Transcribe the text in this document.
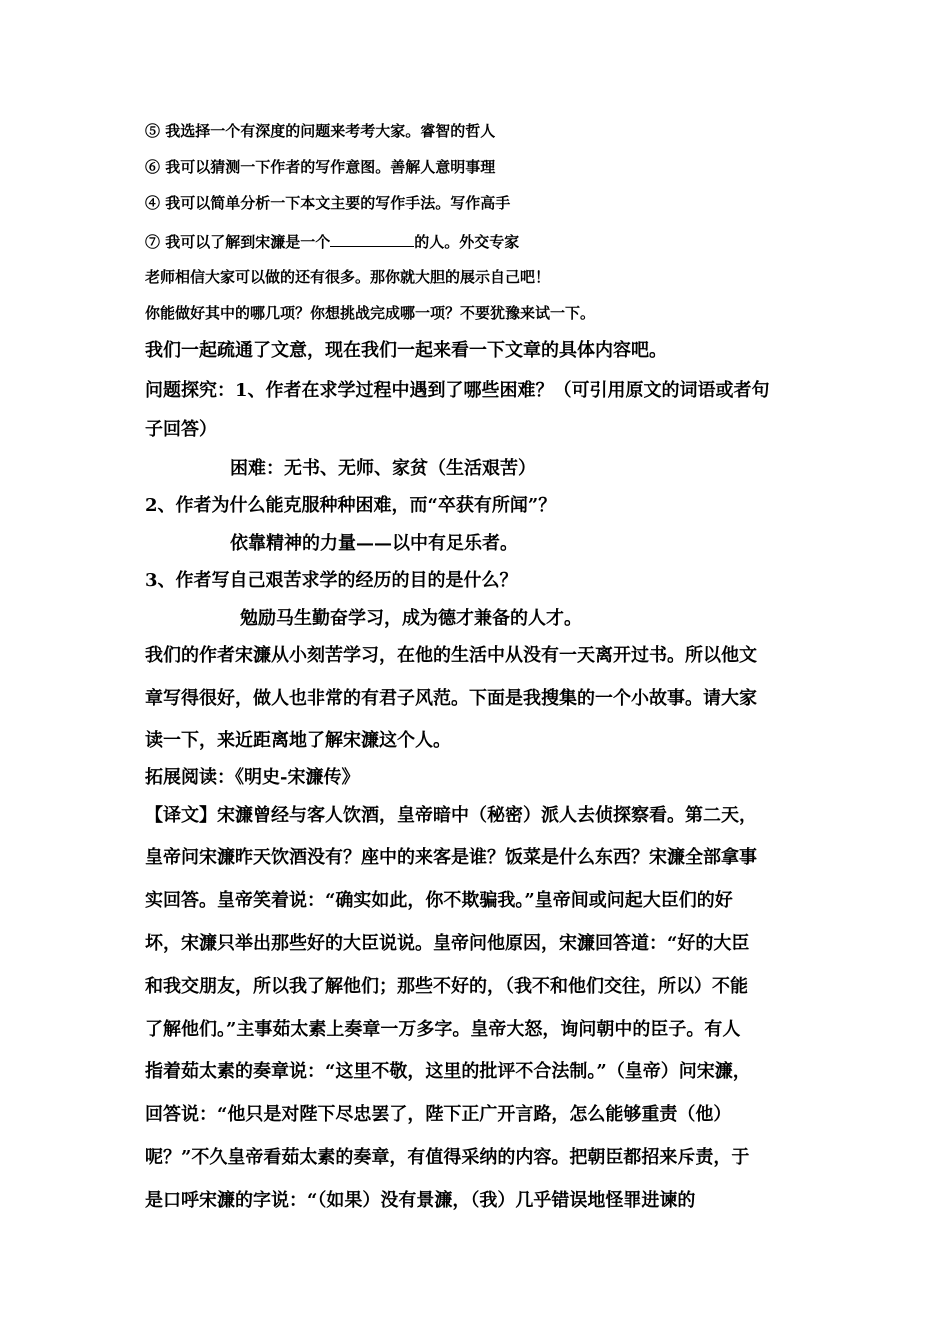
⑤ 我选择一个有深度的问题来考考大家。睿智的哲人
⑥ 我可以猜测一下作者的写作意图。善解人意明事理
④ 我可以简单分析一下本文主要的写作手法。写作高手
⑦ 我可以了解到宋濂是一个	的人。外交专家
老师相信大家可以做的还有很多。那你就大胆的展示自己吧！
你能做好其中的哪几项？你想挑战完成哪一项？不要犹豫来试一下。
我们一起疏通了文意，现在我们一起来看一下文章的具体内容吧。
问题探究：1、作者在求学过程中遇到了哪些困难？（可引用原文的词语或者句
子回答）
困难：无书、无师、家贫（生活艰苦）
2、作者为什么能克服种种困难，而“卒获有所闻”？
依靠精神的力量——以中有足乐者。
3、作者写自己艰苦求学的经历的目的是什么？
勉励马生勤奋学习，成为德才兼备的人才。
我们的作者宋濂从小刻苦学习，在他的生活中从没有一天离开过书。所以他文
章写得很好，做人也非常的有君子风范。下面是我搜集的一个小故事。请大家
读一下，来近距离地了解宋濂这个人。
拓展阅读：《明史-宋濂传》
【译文】宋濂曾经与客人饮酒，皇帝暗中（秘密）派人去侦探察看。第二天，
皇帝问宋濂昨天饮酒没有？座中的来客是谁？饭菜是什么东西？宋濂全部拿事
实回答。皇帝笑着说：“确实如此，你不欺骗我。”皇帝间或问起大臣们的好
坏，宋濂只举出那些好的大臣说说。皇帝问他原因，宋濂回答道：“好的大臣
和我交朋友，所以我了解他们；那些不好的，（我不和他们交往，所以）不能
了解他们。”主事茹太素上奏章一万多字。皇帝大怒，询问朝中的臣子。有人
指着茹太素的奏章说：“这里不敬，这里的批评不合法制。”（皇帝）问宋濂，
回答说：“他只是对陛下尽忠罢了，陛下正广开言路，怎么能够重责（他）
呢？”不久皇帝看茹太素的奏章，有值得采纳的内容。把朝臣都招来斥责，于
是口呼宋濂的字说：“（如果）没有景濂，（我）几乎错误地怪罪进谏的
